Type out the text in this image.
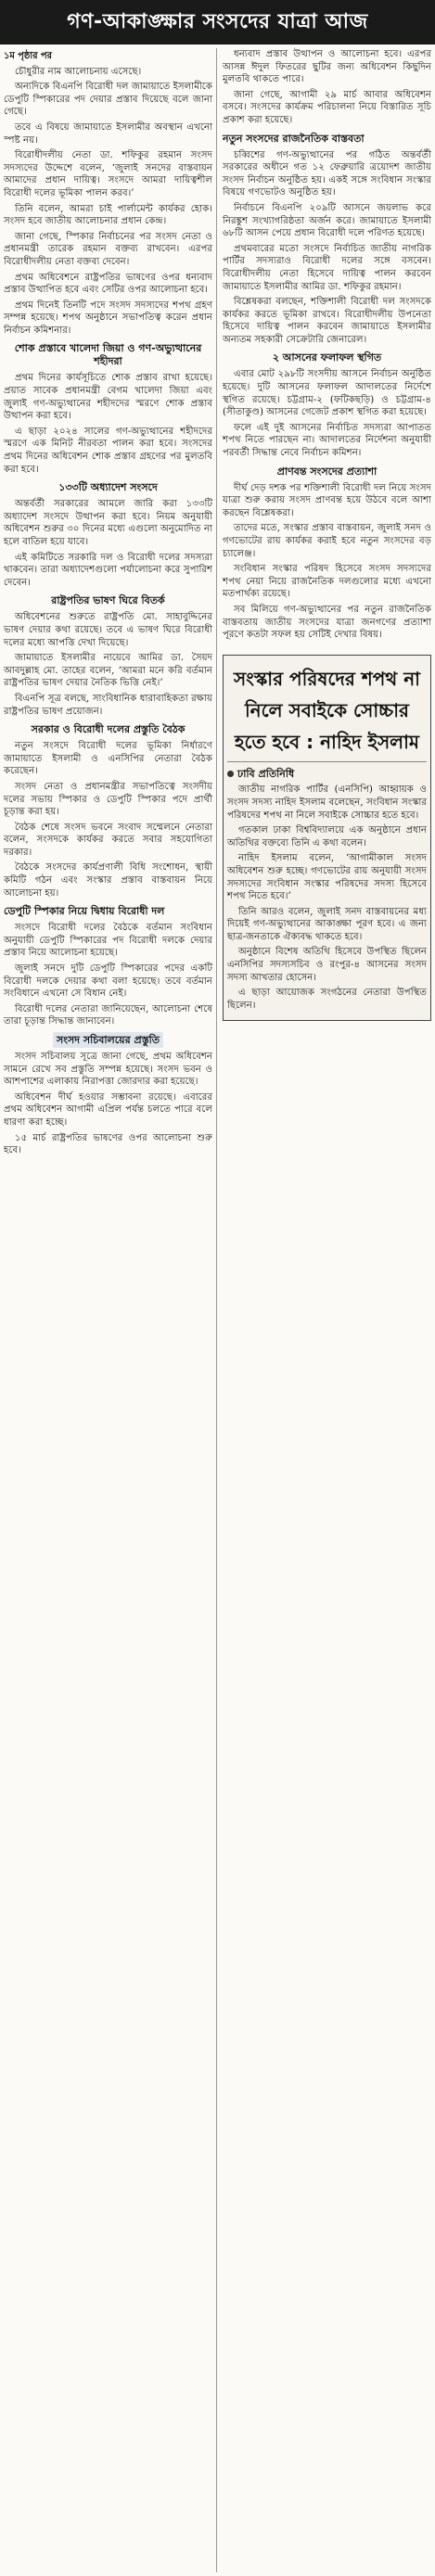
গণ-আকাঙ্ক্ষার সংসদের যাত্রা আজ
১ম পৃষ্ঠার পর

চৌধুরীর নাম আলোচনায় এসেছে।

অন্যদিকে বিএনপি বিরোধী দল জামায়াতে ইসলামীকে ডেপুটি স্পিকারের পদ দেয়ার প্রস্তাব দিয়েছে বলে জানা গেছে।

তবে এ বিষয়ে জামায়াতে ইসলামীর অবস্থান এখনো স্পষ্ট নয়।

বিরোধীদলীয় নেতা ডা. শফিকুর রহমান সংসদ সদস্যদের উদ্দেশে বলেন, ‘জুলাই সনদের বাস্তবায়ন আমাদের প্রধান দায়িত্ব। সংসদে আমরা দায়িত্বশীল বিরোধী দলের ভূমিকা পালন করব।’

তিনি বলেন, আমরা চাই পার্লামেন্ট কার্যকর হোক। সংসদ হবে জাতীয় আলোচনার প্রধান কেন্দ্র।

জানা গেছে, স্পিকার নির্বাচনের পর সংসদ নেতা ও প্রধানমন্ত্রী তারেক রহমান বক্তব্য রাখবেন। এরপর বিরোধীদলীয় নেতা বক্তব্য দেবেন।

প্রথম অধিবেশনে রাষ্ট্রপতির ভাষণের ওপর ধন্যবাদ প্রস্তাব উত্থাপিত হবে এবং সেটির ওপর আলোচনা হবে।

প্রথম দিনেই তিনটি পদে সংসদ সদস্যদের শপথ গ্রহণ সম্পন্ন হয়েছে। শপথ অনুষ্ঠানে সভাপতিত্ব করেন প্রধান নির্বাচন কমিশনার।

শোক প্রস্তাবে খালেদা জিয়া ও গণ-অভ্যুত্থানের শহীদরা

প্রথম দিনের কার্যসূচিতে শোক প্রস্তাব রাখা হয়েছে। প্রয়াত সাবেক প্রধানমন্ত্রী বেগম খালেদা জিয়া এবং জুলাই গণ-অভ্যুত্থানের শহীদদের স্মরণে শোক প্রস্তাব উত্থাপন করা হবে।

এ ছাড়া ২০২৪ সালের গণ-অভ্যুত্থানের শহীদদের স্মরণে এক মিনিট নীরবতা পালন করা হবে। সংসদের প্রথম দিনের অধিবেশন শোক প্রস্তাব গ্রহণের পর মুলতবি করা হবে।

১৩৩টি অধ্যাদেশ সংসদে

অন্তর্বর্তী সরকারের আমলে জারি করা ১৩৩টি অধ্যাদেশ সংসদে উত্থাপন করা হবে। নিয়ম অনুযায়ী অধিবেশন শুরুর ৩০ দিনের মধ্যে এগুলো অনুমোদিত না হলে বাতিল হয়ে যাবে।

এই কমিটিতে সরকারি দল ও বিরোধী দলের সদস্যরা থাকবেন। তারা অধ্যাদেশগুলো পর্যালোচনা করে সুপারিশ দেবেন।

রাষ্ট্রপতির ভাষণ ঘিরে বিতর্ক

অধিবেশনের শুরুতে রাষ্ট্রপতি মো. সাহাবুদ্দিনের ভাষণ দেয়ার কথা রয়েছে। তবে এ ভাষণ ঘিরে বিরোধী দলের মধ্যে আপত্তি দেখা দিয়েছে।

জামায়াতে ইসলামীর নায়েবে আমির ডা. সৈয়দ আবদুল্লাহ মো. তাহের বলেন, ‘আমরা মনে করি বর্তমান রাষ্ট্রপতির ভাষণ দেয়ার নৈতিক ভিত্তি নেই।’

বিএনপি সূত্র বলছে, সাংবিধানিক ধারাবাহিকতা রক্ষায় রাষ্ট্রপতির ভাষণ প্রয়োজন।

সরকার ও বিরোধী দলের প্রস্তুতি বৈঠক

নতুন সংসদে বিরোধী দলের ভূমিকা নির্ধারণে জামায়াতে ইসলামী ও এনসিপির নেতারা বৈঠক করেছেন।

সংসদ নেতা ও প্রধানমন্ত্রীর সভাপতিত্বে সংসদীয় দলের সভায় স্পিকার ও ডেপুটি স্পিকার পদে প্রার্থী চূড়ান্ত করা হয়।

বৈঠক শেষে সংসদ ভবনে সংবাদ সম্মেলনে নেতারা বলেন, সংসদকে কার্যকর করতে সবার সহযোগিতা দরকার।

বৈঠকে সংসদের কার্যপ্রণালী বিধি সংশোধন, স্থায়ী কমিটি গঠন এবং সংস্কার প্রস্তাব বাস্তবায়ন নিয়ে আলোচনা হয়।

ডেপুটি স্পিকার নিয়ে দ্বিধায় বিরোধী দল

সংসদে বিরোধী দলের বৈঠকে বর্তমান সংবিধান অনুযায়ী ডেপুটি স্পিকারের পদ বিরোধী দলকে দেয়ার প্রস্তাব নিয়ে আলোচনা হয়েছে।

জুলাই সনদে দুটি ডেপুটি স্পিকারের পদের একটি বিরোধী দলকে দেয়ার কথা বলা হয়েছে। তবে বর্তমান সংবিধানে এখনো সে বিধান নেই।

বিরোধী দলের নেতারা জানিয়েছেন, আলোচনা শেষে তারা চূড়ান্ত সিদ্ধান্ত জানাবেন।

সংসদ সচিবালয়ের প্রস্তুতি

সংসদ সচিবালয় সূত্রে জানা গেছে, প্রথম অধিবেশন সামনে রেখে সব প্রস্তুতি সম্পন্ন হয়েছে। সংসদ ভবন ও আশপাশের এলাকায় নিরাপত্তা জোরদার করা হয়েছে।

অধিবেশন দীর্ঘ হওয়ার সম্ভাবনা রয়েছে। এবারের প্রথম অধিবেশন আগামী এপ্রিল পর্যন্ত চলতে পারে বলে ধারণা করা হচ্ছে।

১৫ মার্চ রাষ্ট্রপতির ভাষণের ওপর আলোচনা শুরু হবে।

ধন্যবাদ প্রস্তাব উত্থাপন ও আলোচনা হবে। এরপর আসন্ন ঈদুল ফিতরের ছুটির জন্য অধিবেশন কিছুদিন মুলতবি থাকতে পারে।

জানা গেছে, আগামী ২৯ মার্চ আবার অধিবেশন বসবে। সংসদের কার্যক্রম পরিচালনা নিয়ে বিস্তারিত সূচি প্রকাশ করা হয়েছে।

নতুন সংসদের রাজনৈতিক বাস্তবতা

চব্বিশের গণ-অভ্যুত্থানের পর গঠিত অন্তর্বর্তী সরকারের অধীনে গত ১২ ফেব্রুয়ারি ত্রয়োদশ জাতীয় সংসদ নির্বাচন অনুষ্ঠিত হয়। একই সঙ্গে সংবিধান সংস্কার বিষয়ে গণভোটও অনুষ্ঠিত হয়।

নির্বাচনে বিএনপি ২০৯টি আসনে জয়লাভ করে নিরঙ্কুশ সংখ্যাগরিষ্ঠতা অর্জন করে। জামায়াতে ইসলামী ৬৮টি আসন পেয়ে প্রধান বিরোধী দলে পরিণত হয়েছে।

প্রথমবারের মতো সংসদে নির্বাচিত জাতীয় নাগরিক পার্টির সদস্যরাও বিরোধী দলের সঙ্গে বসবেন। বিরোধীদলীয় নেতা হিসেবে দায়িত্ব পালন করবেন জামায়াতে ইসলামীর আমির ডা. শফিকুর রহমান।

বিশ্লেষকরা বলছেন, শক্তিশালী বিরোধী দল সংসদকে কার্যকর করতে ভূমিকা রাখবে। বিরোধীদলীয় উপনেতা হিসেবে দায়িত্ব পালন করবেন জামায়াতে ইসলামীর অন্যতম সহকারী সেক্রেটারি জেনারেল।

২ আসনের ফলাফল স্থগিত

এবার মোট ২৯৮টি সংসদীয় আসনে নির্বাচন অনুষ্ঠিত হয়েছে। দুটি আসনের ফলাফল আদালতের নির্দেশে স্থগিত রয়েছে। চট্টগ্রাম-২ (ফটিকছড়ি) ও চট্টগ্রাম-৪ (সীতাকুণ্ড) আসনের গেজেট প্রকাশ স্থগিত করা হয়েছে।

ফলে এই দুই আসনের নির্বাচিত সদস্যরা আপাতত শপথ নিতে পারছেন না। আদালতের নির্দেশনা অনুযায়ী পরবর্তী সিদ্ধান্ত নেবে নির্বাচন কমিশন।

প্রাণবন্ত সংসদের প্রত্যাশা

দীর্ঘ দেড় দশক পর শক্তিশালী বিরোধী দল নিয়ে সংসদ যাত্রা শুরু করায় সংসদ প্রাণবন্ত হয়ে উঠবে বলে আশা করছেন বিশ্লেষকরা।

তাদের মতে, সংস্কার প্রস্তাব বাস্তবায়ন, জুলাই সনদ ও গণভোটের রায় কার্যকর করাই হবে নতুন সংসদের বড় চ্যালেঞ্জ।

সংবিধান সংস্কার পরিষদ হিসেবে সংসদ সদস্যদের শপথ নেয়া নিয়ে রাজনৈতিক দলগুলোর মধ্যে এখনো মতপার্থক্য রয়েছে।

সব মিলিয়ে গণ-অভ্যুত্থানের পর নতুন রাজনৈতিক বাস্তবতায় জাতীয় সংসদের যাত্রা জনগণের প্রত্যাশা পূরণে কতটা সফল হয় সেটিই দেখার বিষয়।

সংস্কার পরিষদের শপথ না নিলে সবাইকে সোচ্চার হতে হবে : নাহিদ ইসলাম
ঢাবি প্রতিনিধি

জাতীয় নাগরিক পার্টির (এনসিপি) আহ্বায়ক ও সংসদ সদস্য নাহিদ ইসলাম বলেছেন, সংবিধান সংস্কার পরিষদের শপথ না নিলে সবাইকে সোচ্চার হতে হবে।

গতকাল ঢাকা বিশ্ববিদ্যালয়ে এক অনুষ্ঠানে প্রধান অতিথির বক্তব্যে তিনি এ কথা বলেন।

নাহিদ ইসলাম বলেন, ‘আগামীকাল সংসদ অধিবেশন শুরু হচ্ছে। গণভোটের রায় অনুযায়ী সংসদ সদস্যদের সংবিধান সংস্কার পরিষদের সদস্য হিসেবে শপথ নিতে হবে।’

তিনি আরও বলেন, জুলাই সনদ বাস্তবায়নের মধ্য দিয়েই গণ-অভ্যুত্থানের আকাঙ্ক্ষা পূরণ হবে। এ জন্য ছাত্র-জনতাকে ঐক্যবদ্ধ থাকতে হবে।

অনুষ্ঠানে বিশেষ অতিথি হিসেবে উপস্থিত ছিলেন এনসিপির সদস্যসচিব ও রংপুর-৪ আসনের সংসদ সদস্য আখতার হোসেন।

এ ছাড়া আয়োজক সংগঠনের নেতারা উপস্থিত ছিলেন।
